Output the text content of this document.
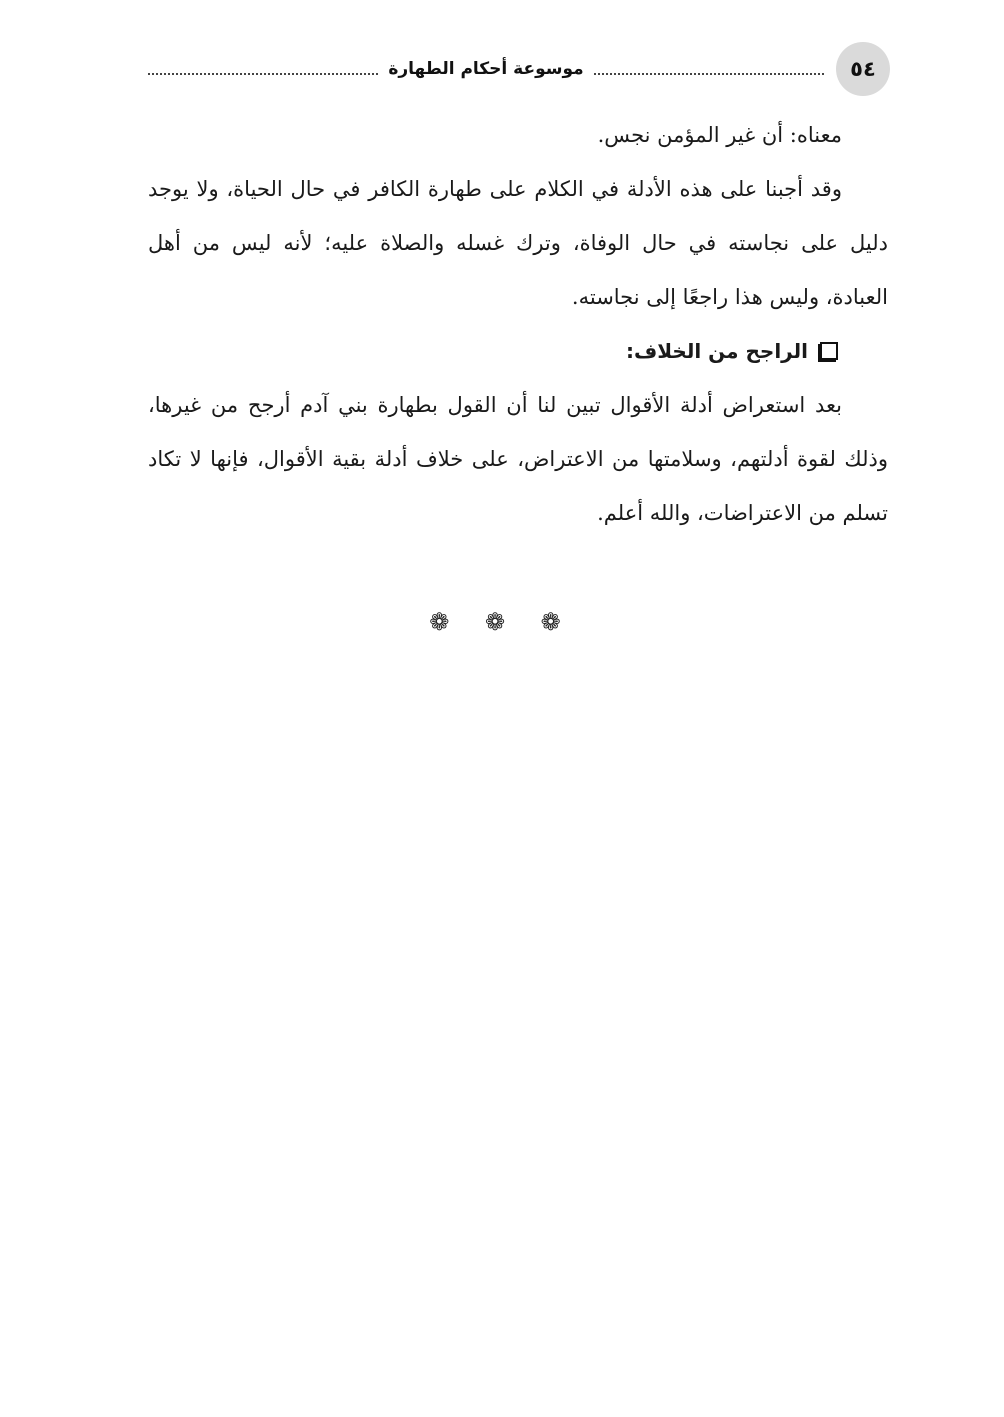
٥٤
موسوعة أحكام الطهارة

معناه: أن غير المؤمن نجس.

وقد أجبنا على هذه الأدلة في الكلام على طهارة الكافر في حال الحياة، ولا يوجد دليل على نجاسته في حال الوفاة، وترك غسله والصلاة عليه؛ لأنه ليس من أهل العبادة، وليس هذا راجعًا إلى نجاسته.

الراجح من الخلاف:

بعد استعراض أدلة الأقوال تبين لنا أن القول بطهارة بني آدم أرجح من غيرها، وذلك لقوة أدلتهم، وسلامتها من الاعتراض، على خلاف أدلة بقية الأقوال، فإنها لا تكاد تسلم من الاعتراضات، والله أعلم.

❁ ❁ ❁
